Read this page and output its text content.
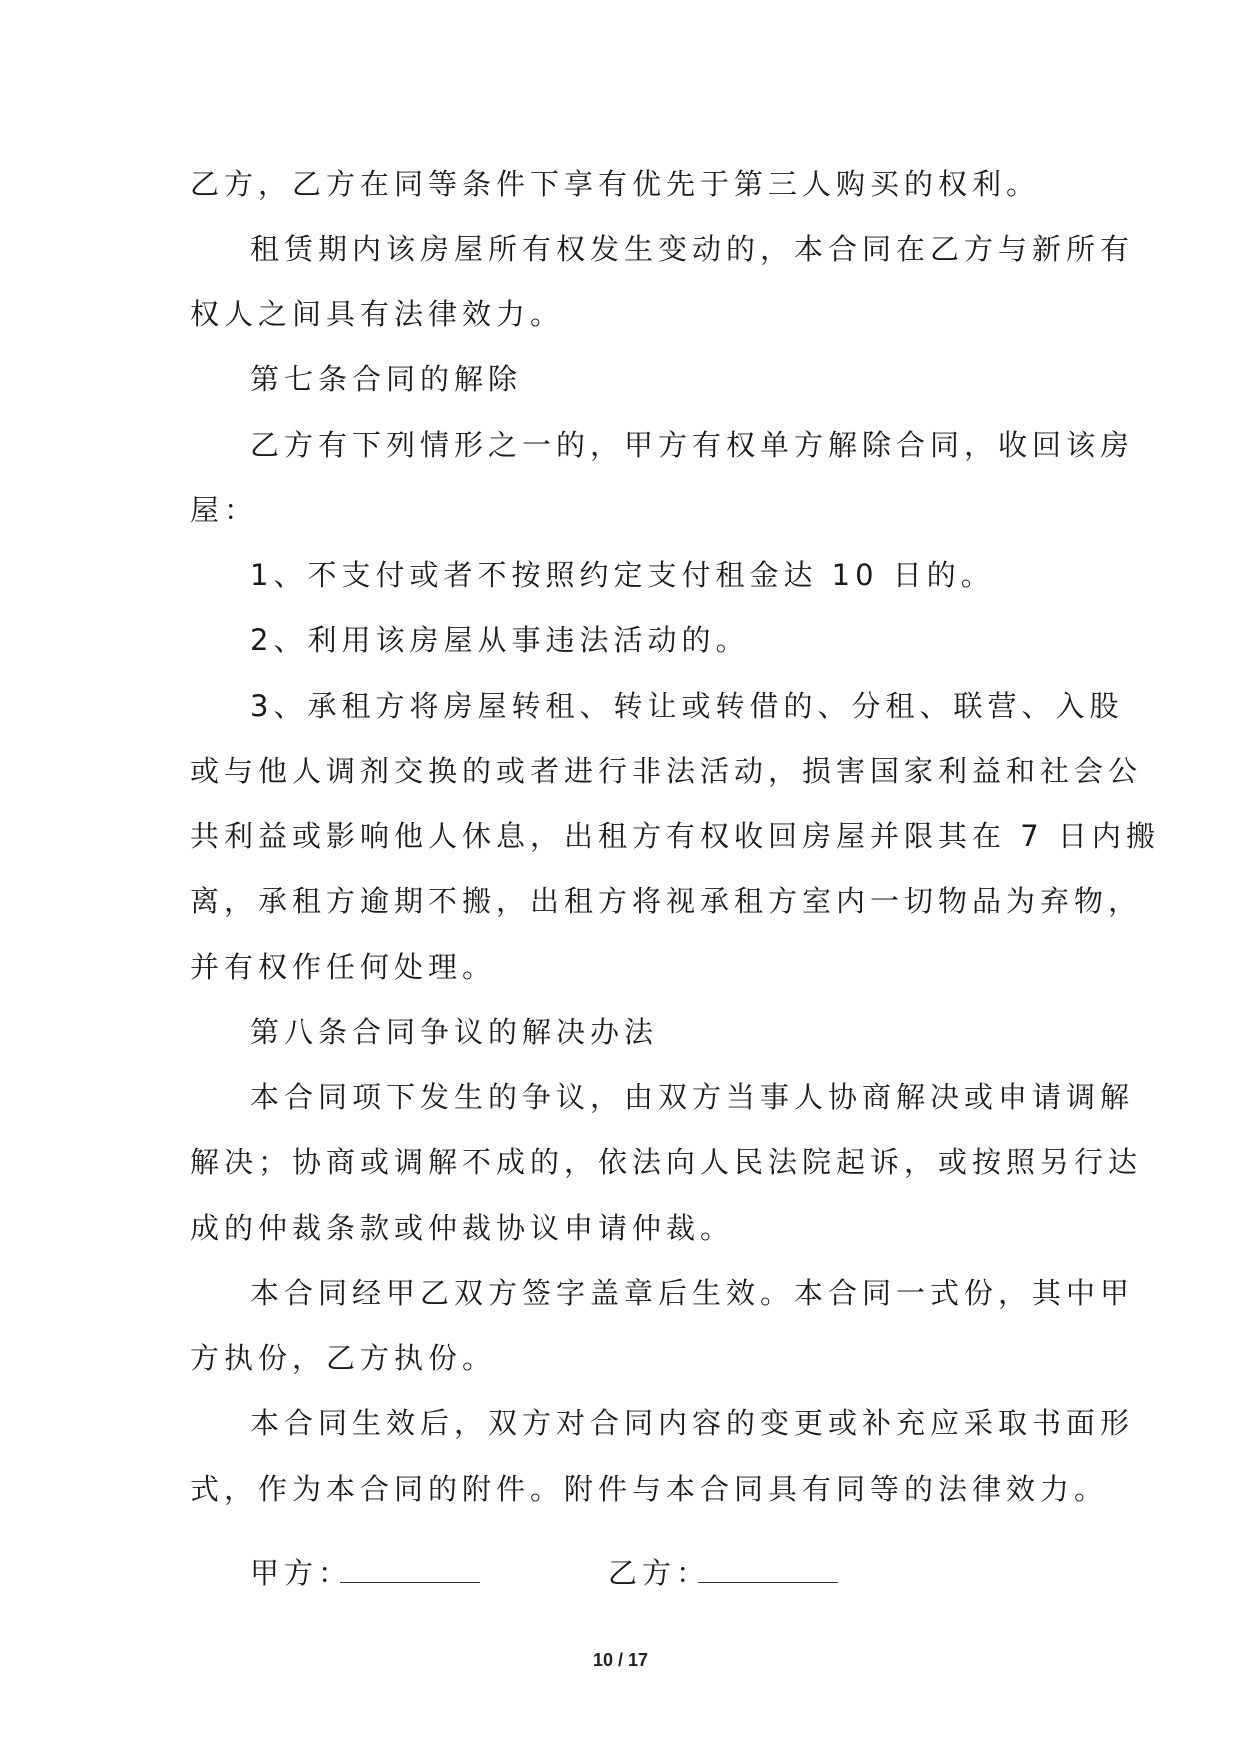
乙方，乙方在同等条件下享有优先于第三人购买的权利。
租赁期内该房屋所有权发生变动的，本合同在乙方与新所有
权人之间具有法律效力。
第七条合同的解除
乙方有下列情形之一的，甲方有权单方解除合同，收回该房
屋：
1、不支付或者不按照约定支付租金达 10 日的。
2、利用该房屋从事违法活动的。
3、承租方将房屋转租、转让或转借的、分租、联营、入股
或与他人调剂交换的或者进行非法活动，损害国家利益和社会公
共利益或影响他人休息，出租方有权收回房屋并限其在 7 日内搬
离，承租方逾期不搬，出租方将视承租方室内一切物品为弃物，
并有权作任何处理。
第八条合同争议的解决办法
本合同项下发生的争议，由双方当事人协商解决或申请调解
解决；协商或调解不成的，依法向人民法院起诉，或按照另行达
成的仲裁条款或仲裁协议申请仲裁。
本合同经甲乙双方签字盖章后生效。本合同一式份，其中甲
方执份，乙方执份。
本合同生效后，双方对合同内容的变更或补充应采取书面形
式，作为本合同的附件。附件与本合同具有同等的法律效力。
甲方：	乙方：
10 / 17
